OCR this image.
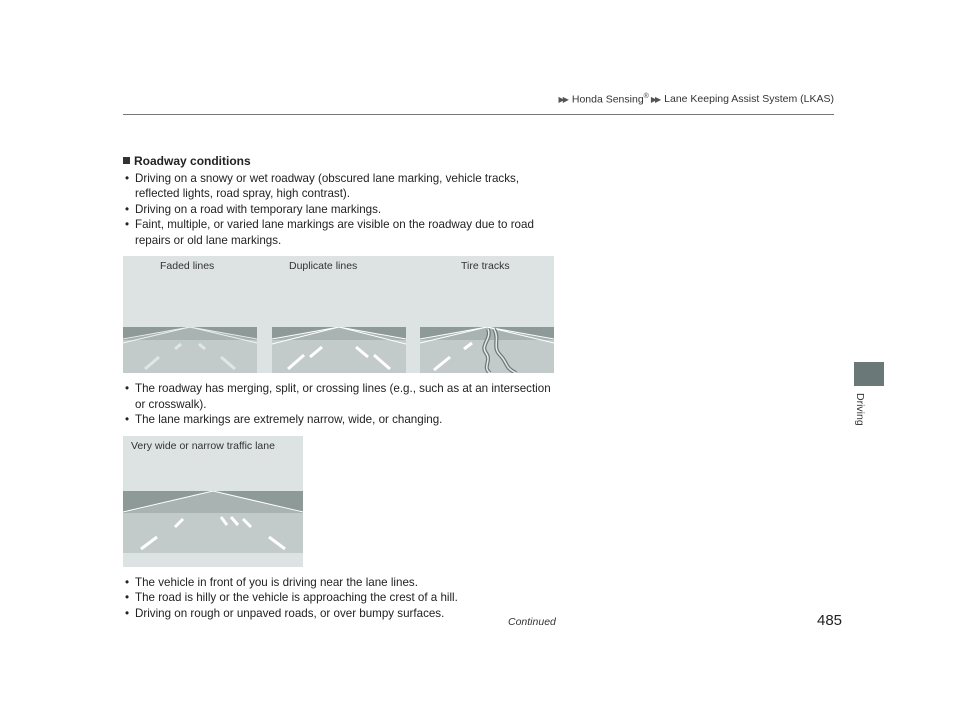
▶▶ Honda Sensing® ▶▶ Lane Keeping Assist System (LKAS)
Driving
Roadway conditions
• Driving on a snowy or wet roadway (obscured lane marking, vehicle tracks, reflected lights, road spray, high contrast).
• Driving on a road with temporary lane markings.
• Faint, multiple, or varied lane markings are visible on the roadway due to road repairs or old lane markings.
Faded lines	Duplicate lines	Tire tracks
• The roadway has merging, split, or crossing lines (e.g., such as at an intersection or crosswalk).
• The lane markings are extremely narrow, wide, or changing.
Very wide or narrow traffic lane
• The vehicle in front of you is driving near the lane lines.
• The road is hilly or the vehicle is approaching the crest of a hill.
• Driving on rough or unpaved roads, or over bumpy surfaces.
Continued	485
